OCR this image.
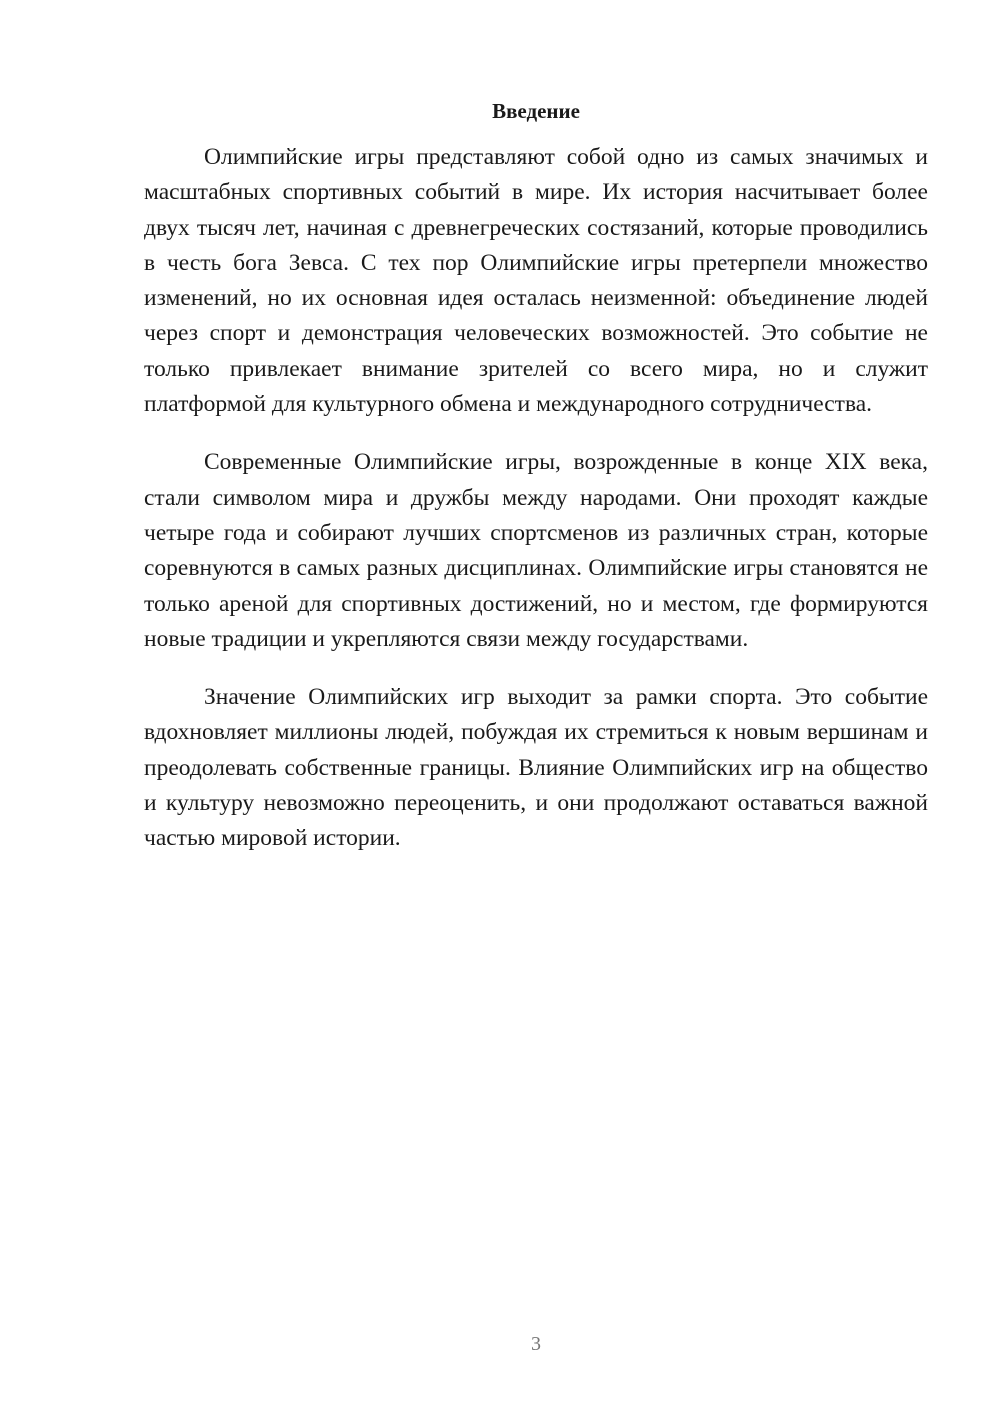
Введение

Олимпийские игры представляют собой одно из самых значимых и масштабных спортивных событий в мире. Их история насчитывает более двух тысяч лет, начиная с древнегреческих состязаний, которые проводились в честь бога Зевса. С тех пор Олимпийские игры претерпели множество изменений, но их основная идея осталась неизменной: объединение людей через спорт и демонстрация человеческих возможностей. Это событие не только привлекает внимание зрителей со всего мира, но и служит платформой для культурного обмена и международного сотрудничества.

Современные Олимпийские игры, возрожденные в конце XIX века, стали символом мира и дружбы между народами. Они проходят каждые четыре года и собирают лучших спортсменов из различных стран, которые соревнуются в самых разных дисциплинах. Олимпийские игры становятся не только ареной для спортивных достижений, но и местом, где формируются новые традиции и укрепляются связи между государствами.

Значение Олимпийских игр выходит за рамки спорта. Это событие вдохновляет миллионы людей, побуждая их стремиться к новым вершинам и преодолевать собственные границы. Влияние Олимпийских игр на общество и культуру невозможно переоценить, и они продолжают оставаться важной частью мировой истории.

3
